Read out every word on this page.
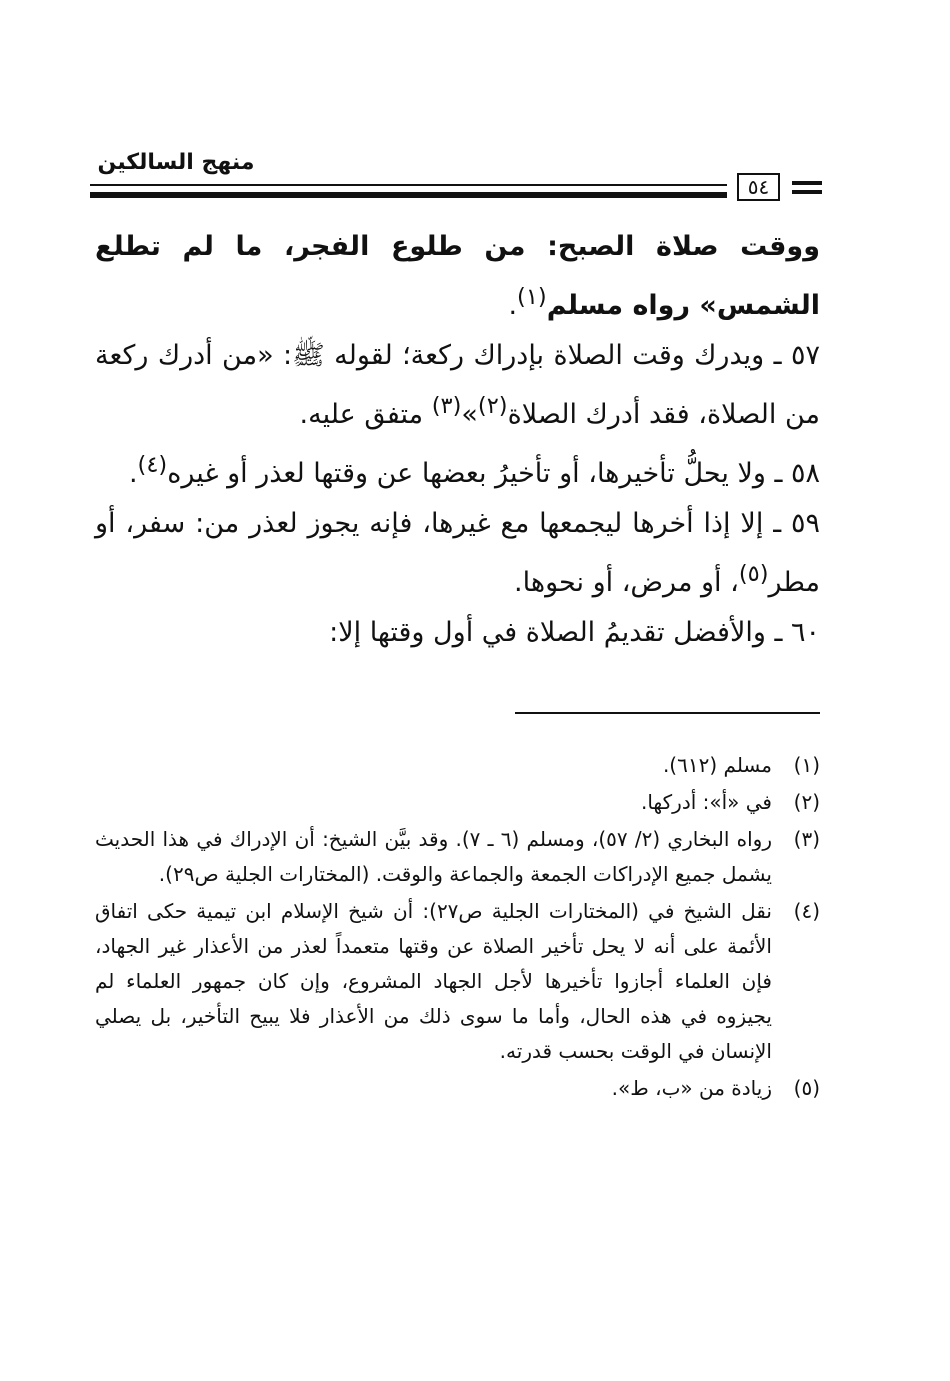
منهج السالكين
٥٤

ووقت صلاة الصبح: من طلوع الفجر، ما لم تطلع الشمس» رواه مسلم$^{(١)}$.

٥٧ ـ ويدرك وقت الصلاة بإدراك ركعة؛ لقوله ﷺ: «من أدرك ركعة من الصلاة، فقد أدرك الصلاة$^{(٢)}$»$^{(٣)}$ متفق عليه.

٥٨ ـ ولا يحلُّ تأخيرها، أو تأخيرُ بعضها عن وقتها لعذر أو غيره$^{(٤)}$.

٥٩ ـ إلا إذا أخرها ليجمعها مع غيرها، فإنه يجوز لعذر من: سفر، أو مطر$^{(٥)}$، أو مرض، أو نحوها.

٦٠ ـ والأفضل تقديمُ الصلاة في أول وقتها إلا:

(١)
مسلم (٦١٢).
(٢)
في «أ»: أدركها.
(٣)
رواه البخاري (٢/ ٥٧)، ومسلم (٦ ـ ٧). وقد بيَّن الشيخ: أن الإدراك في هذا الحديث يشمل جميع الإدراكات الجمعة والجماعة والوقت. (المختارات الجلية ص٢٩).
(٤)
نقل الشيخ في (المختارات الجلية ص٢٧): أن شيخ الإسلام ابن تيمية حكى اتفاق الأئمة على أنه لا يحل تأخير الصلاة عن وقتها متعمداً لعذر من الأعذار غير الجهاد، فإن العلماء أجازوا تأخيرها لأجل الجهاد المشروع، وإن كان جمهور العلماء لم يجيزوه في هذه الحال، وأما ما سوى ذلك من الأعذار فلا يبيح التأخير، بل يصلي الإنسان في الوقت بحسب قدرته.
(٥)
زيادة من «ب، ط».
